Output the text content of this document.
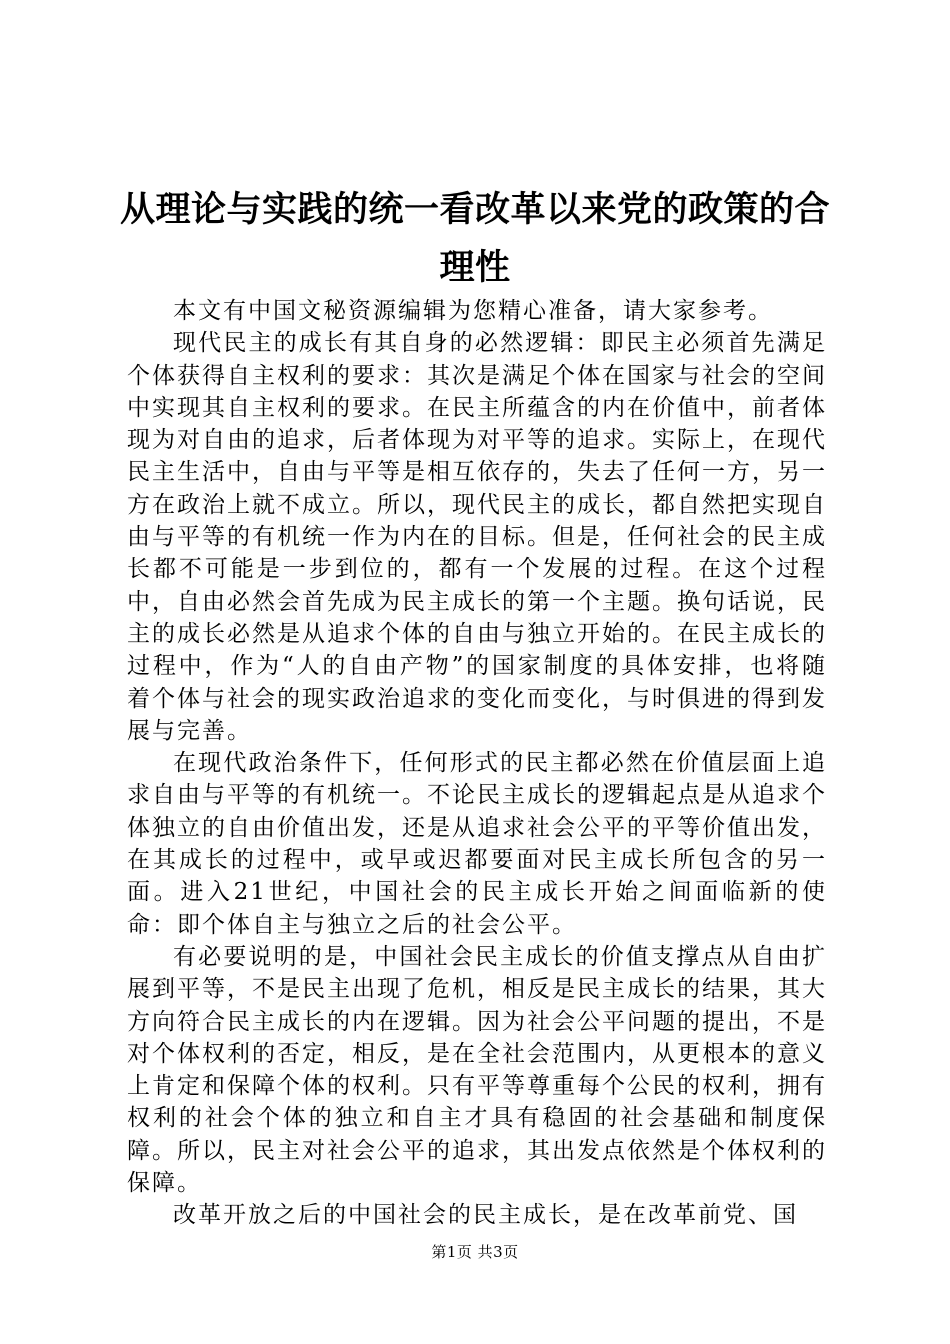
从理论与实践的统一看改革以来党的政策的合理性

本文有中国文秘资源编辑为您精心准备，请大家参考。

现代民主的成长有其自身的必然逻辑：即民主必须首先满足个体获得自主权利的要求：其次是满足个体在国家与社会的空间中实现其自主权利的要求。在民主所蕴含的内在价值中，前者体现为对自由的追求，后者体现为对平等的追求。实际上，在现代民主生活中，自由与平等是相互依存的，失去了任何一方，另一方在政治上就不成立。所以，现代民主的成长，都自然把实现自由与平等的有机统一作为内在的目标。但是，任何社会的民主成长都不可能是一步到位的，都有一个发展的过程。在这个过程中，自由必然会首先成为民主成长的第一个主题。换句话说，民主的成长必然是从追求个体的自由与独立开始的。在民主成长的过程中，作为“人的自由产物”的国家制度的具体安排，也将随着个体与社会的现实政治追求的变化而变化，与时俱进的得到发展与完善。

在现代政治条件下，任何形式的民主都必然在价值层面上追求自由与平等的有机统一。不论民主成长的逻辑起点是从追求个体独立的自由价值出发，还是从追求社会公平的平等价值出发，在其成长的过程中，或早或迟都要面对民主成长所包含的另一面。进入21世纪，中国社会的民主成长开始之间面临新的使命：即个体自主与独立之后的社会公平。

有必要说明的是，中国社会民主成长的价值支撑点从自由扩展到平等，不是民主出现了危机，相反是民主成长的结果，其大方向符合民主成长的内在逻辑。因为社会公平问题的提出，不是对个体权利的否定，相反，是在全社会范围内，从更根本的意义上肯定和保障个体的权利。只有平等尊重每个公民的权利，拥有权利的社会个体的独立和自主才具有稳固的社会基础和制度保障。所以，民主对社会公平的追求，其出发点依然是个体权利的保障。

改革开放之后的中国社会的民主成长，是在改革前党、国

第1页 共3页
